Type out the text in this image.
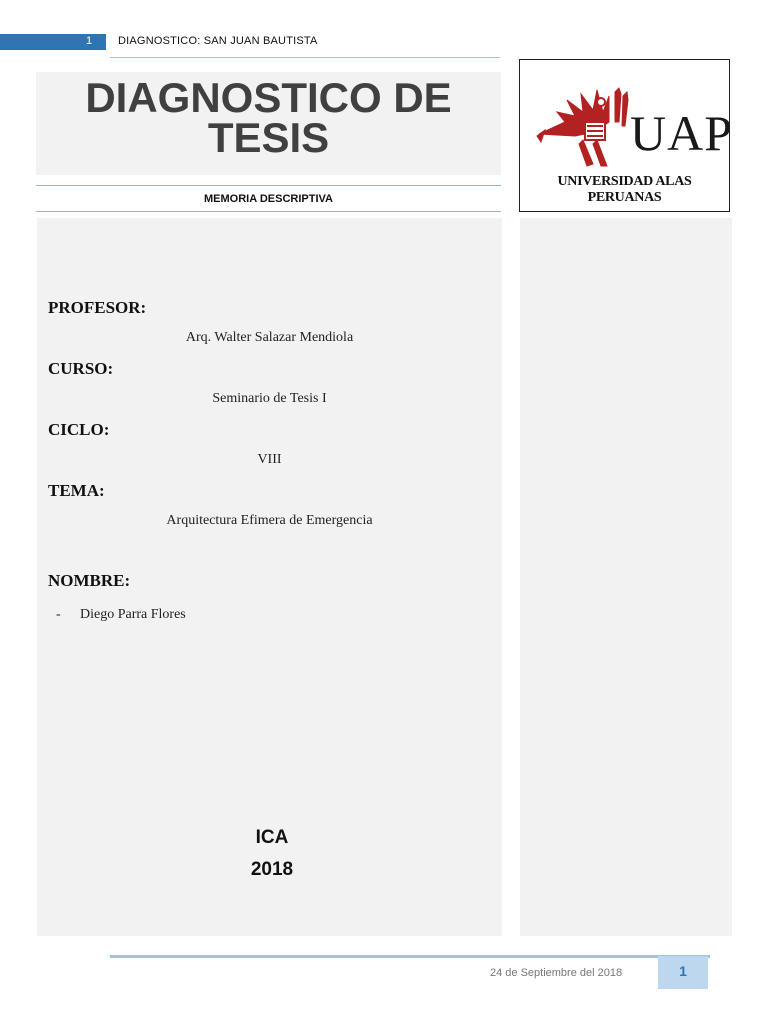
1 DIAGNOSTICO: SAN JUAN BAUTISTA
DIAGNOSTICO DE
TESIS
MEMORIA DESCRIPTIVA
UAP
UNIVERSIDAD ALAS PERUANAS
PROFESOR:
Arq. Walter Salazar Mendiola
CURSO:
Seminario de Tesis I
CICLO:
VIII
TEMA:
Arquitectura Efimera de Emergencia
NOMBRE:
- Diego Parra Flores
ICA
2018
24 de Septiembre del 2018	1
